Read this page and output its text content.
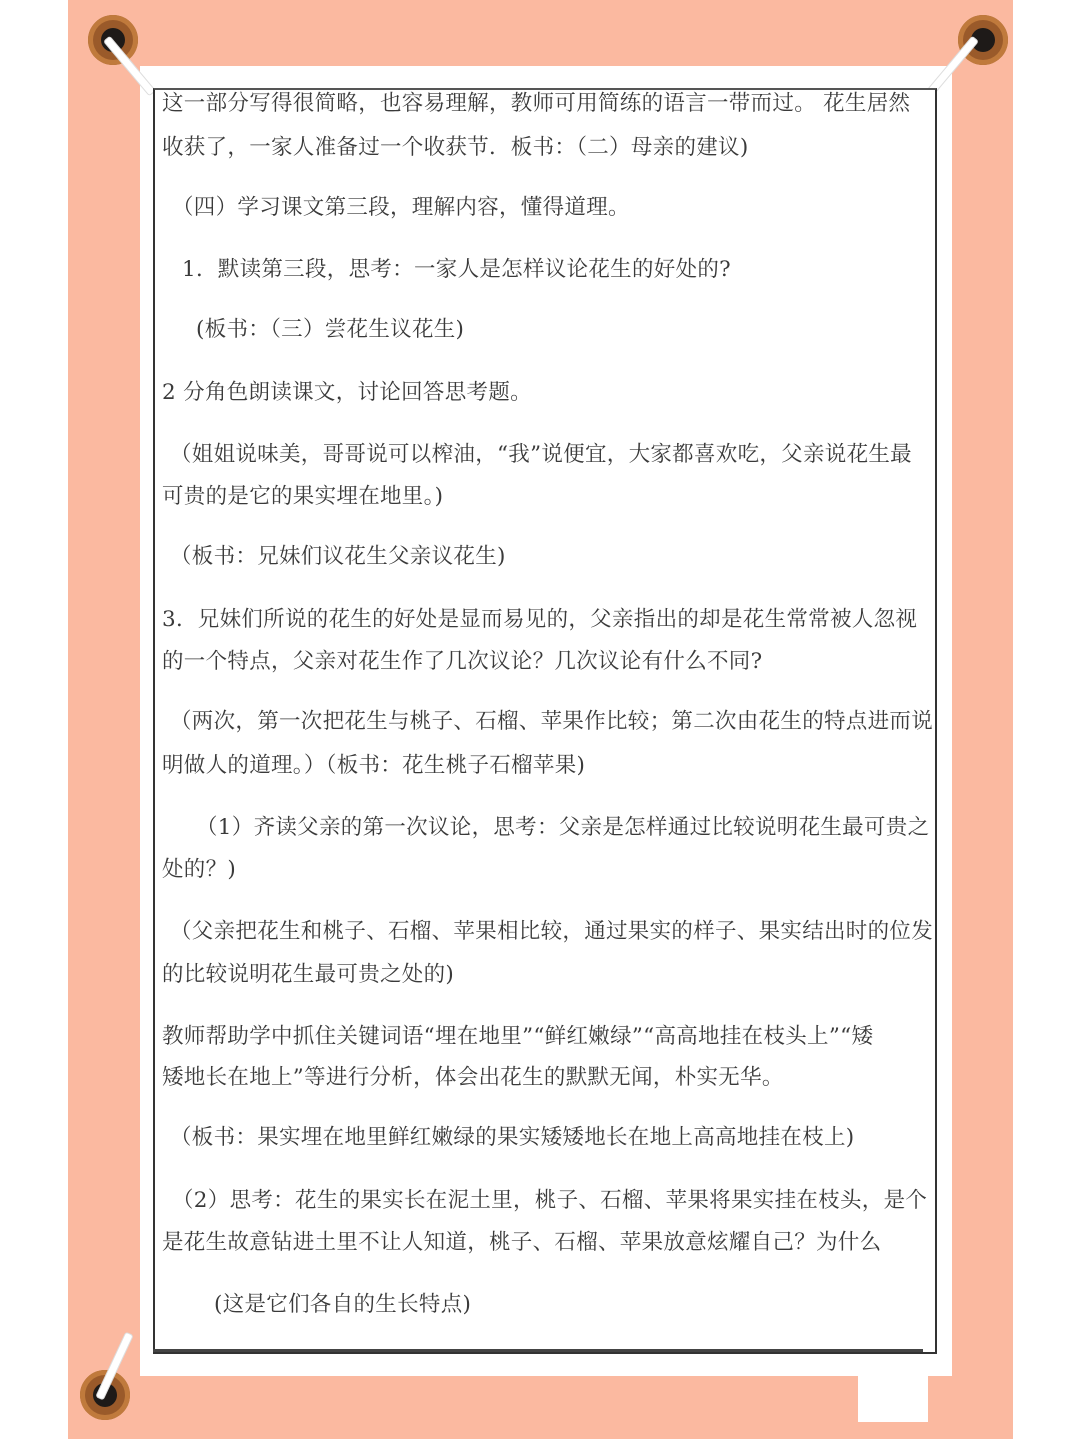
这一部分写得很简略，也容易理解，教师可用简练的语言一带而过。 花生居然
收获了，一家人准备过一个收获节．板书：（二）母亲的建议)
（四）学习课文第三段，理解内容，懂得道理。
1．默读第三段，思考：一家人是怎样议论花生的好处的?
(板书：（三）尝花生议花生)
2 分角色朗读课文，讨论回答思考题。
（姐姐说味美，哥哥说可以榨油，“我”说便宜，大家都喜欢吃，父亲说花生最
可贵的是它的果实埋在地里。)
（板书：兄妹们议花生父亲议花生)
3．兄妹们所说的花生的好处是显而易见的，父亲指出的却是花生常常被人忽视
的一个特点，父亲对花生作了几次议论？几次议论有什么不同?
（两次，第一次把花生与桃子、石榴、苹果作比较；第二次由花生的特点进而说
明做人的道理。）（板书：花生桃子石榴苹果)
（1）齐读父亲的第一次议论，思考：父亲是怎样通过比较说明花生最可贵之
处的？)
（父亲把花生和桃子、石榴、苹果相比较，通过果实的样子、果实结出时的位发
的比较说明花生最可贵之处的)
教师帮助学中抓住关键词语“埋在地里”“鲜红嫩绿”“高高地挂在枝头上”“矮
矮地长在地上”等进行分析，体会出花生的默默无闻，朴实无华。
（板书：果实埋在地里鲜红嫩绿的果实矮矮地长在地上高高地挂在枝上)
（2）思考：花生的果实长在泥土里，桃子、石榴、苹果将果实挂在枝头，是个
是花生故意钻进土里不让人知道，桃子、石榴、苹果放意炫耀自己？为什么
(这是它们各自的生长特点)
